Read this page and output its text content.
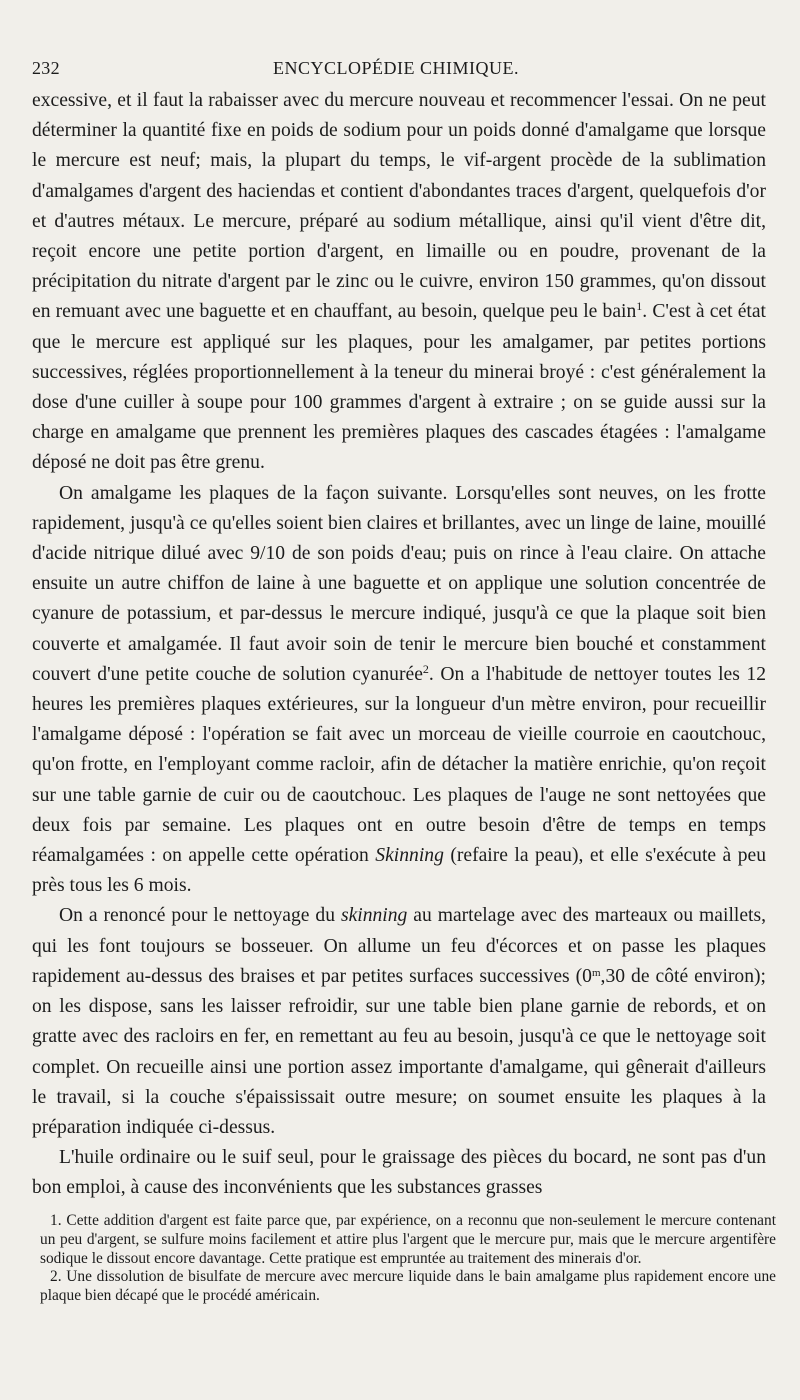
232	ENCYCLOPÉDIE CHIMIQUE.

excessive, et il faut la rabaisser avec du mercure nouveau et recommencer l'essai. On ne peut déterminer la quantité fixe en poids de sodium pour un poids donné d'amalgame que lorsque le mercure est neuf; mais, la plupart du temps, le vif-argent procède de la sublimation d'amalgames d'argent des haciendas et contient d'abondantes traces d'argent, quelquefois d'or et d'autres métaux. Le mercure, préparé au sodium métallique, ainsi qu'il vient d'être dit, reçoit encore une petite portion d'argent, en limaille ou en poudre, provenant de la précipitation du nitrate d'argent par le zinc ou le cuivre, environ 150 grammes, qu'on dissout en remuant avec une baguette et en chauffant, au besoin, quelque peu le bain$^1$. C'est à cet état que le mercure est appliqué sur les plaques, pour les amalgamer, par petites portions successives, réglées proportionnellement à la teneur du minerai broyé : c'est généralement la dose d'une cuiller à soupe pour 100 grammes d'argent à extraire ; on se guide aussi sur la charge en amalgame que prennent les premières plaques des cascades étagées : l'amalgame déposé ne doit pas être grenu.

On amalgame les plaques de la façon suivante. Lorsqu'elles sont neuves, on les frotte rapidement, jusqu'à ce qu'elles soient bien claires et brillantes, avec un linge de laine, mouillé d'acide nitrique dilué avec 9/10 de son poids d'eau; puis on rince à l'eau claire. On attache ensuite un autre chiffon de laine à une baguette et on applique une solution concentrée de cyanure de potassium, et par-dessus le mercure indiqué, jusqu'à ce que la plaque soit bien couverte et amalgamée. Il faut avoir soin de tenir le mercure bien bouché et constamment couvert d'une petite couche de solution cyanurée$^2$. On a l'habitude de nettoyer toutes les 12 heures les premières plaques extérieures, sur la longueur d'un mètre environ, pour recueillir l'amalgame déposé : l'opération se fait avec un morceau de vieille courroie en caoutchouc, qu'on frotte, en l'employant comme racloir, afin de détacher la matière enrichie, qu'on reçoit sur une table garnie de cuir ou de caoutchouc. Les plaques de l'auge ne sont nettoyées que deux fois par semaine. Les plaques ont en outre besoin d'être de temps en temps réamalgamées : on appelle cette opération Skinning (refaire la peau), et elle s'exécute à peu près tous les 6 mois.

On a renoncé pour le nettoyage du skinning au martelage avec des marteaux ou maillets, qui les font toujours se bosseuer. On allume un feu d'écorces et on passe les plaques rapidement au-dessus des braises et par petites surfaces successives (0$^m$,30 de côté environ); on les dispose, sans les laisser refroidir, sur une table bien plane garnie de rebords, et on gratte avec des racloirs en fer, en remettant au feu au besoin, jusqu'à ce que le nettoyage soit complet. On recueille ainsi une portion assez importante d'amalgame, qui gênerait d'ailleurs le travail, si la couche s'épaississait outre mesure; on soumet ensuite les plaques à la préparation indiquée ci-dessus.

L'huile ordinaire ou le suif seul, pour le graissage des pièces du bocard, ne sont pas d'un bon emploi, à cause des inconvénients que les substances grasses

1. Cette addition d'argent est faite parce que, par expérience, on a reconnu que non-seulement le mercure contenant un peu d'argent, se sulfure moins facilement et attire plus l'argent que le mercure pur, mais que le mercure argentifère sodique le dissout encore davantage. Cette pratique est empruntée au traitement des minerais d'or.

2. Une dissolution de bisulfate de mercure avec mercure liquide dans le bain amalgame plus rapidement encore une plaque bien décapé que le procédé américain.
